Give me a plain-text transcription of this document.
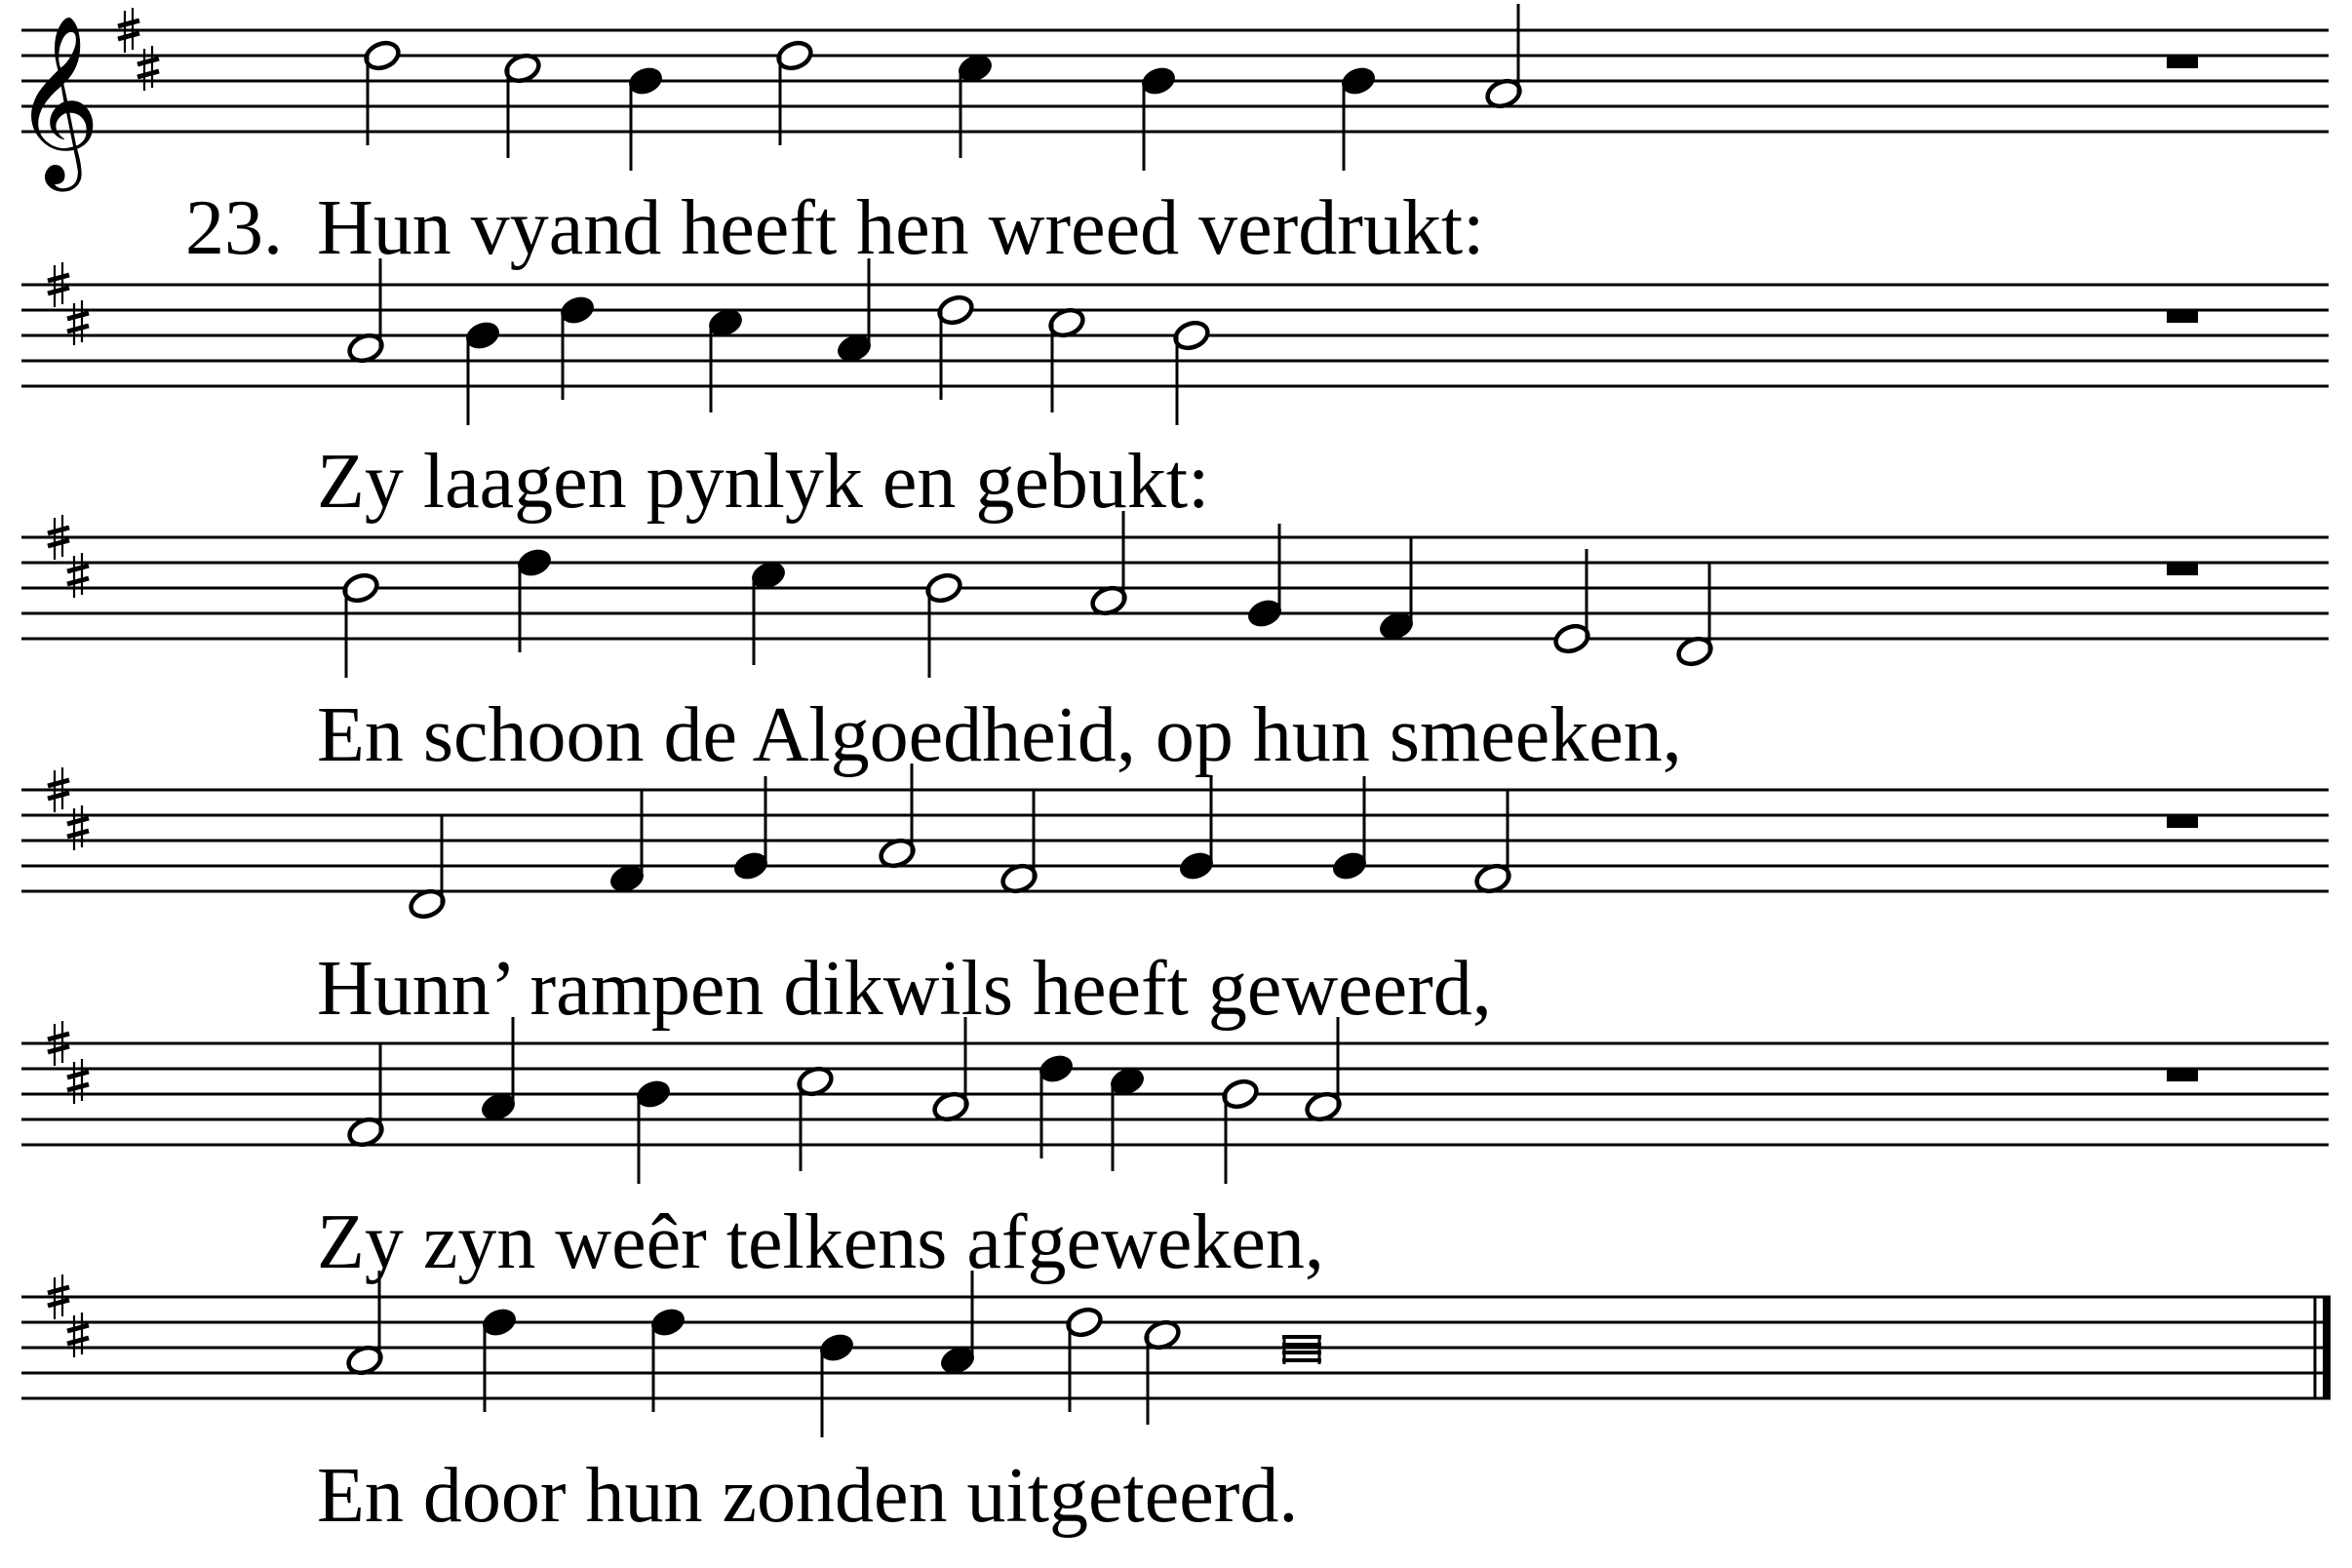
23. Hun vyand heeft hen wreed verdrukt:
Zy laagen pynlyk en gebukt:
En schoon de Algoedheid, op hun smeeken,
Hunn’ rampen dikwils heeft geweerd,
Zy zyn weêr telkens afgeweken,
En door hun zonden uitgeteerd.
𝄞
